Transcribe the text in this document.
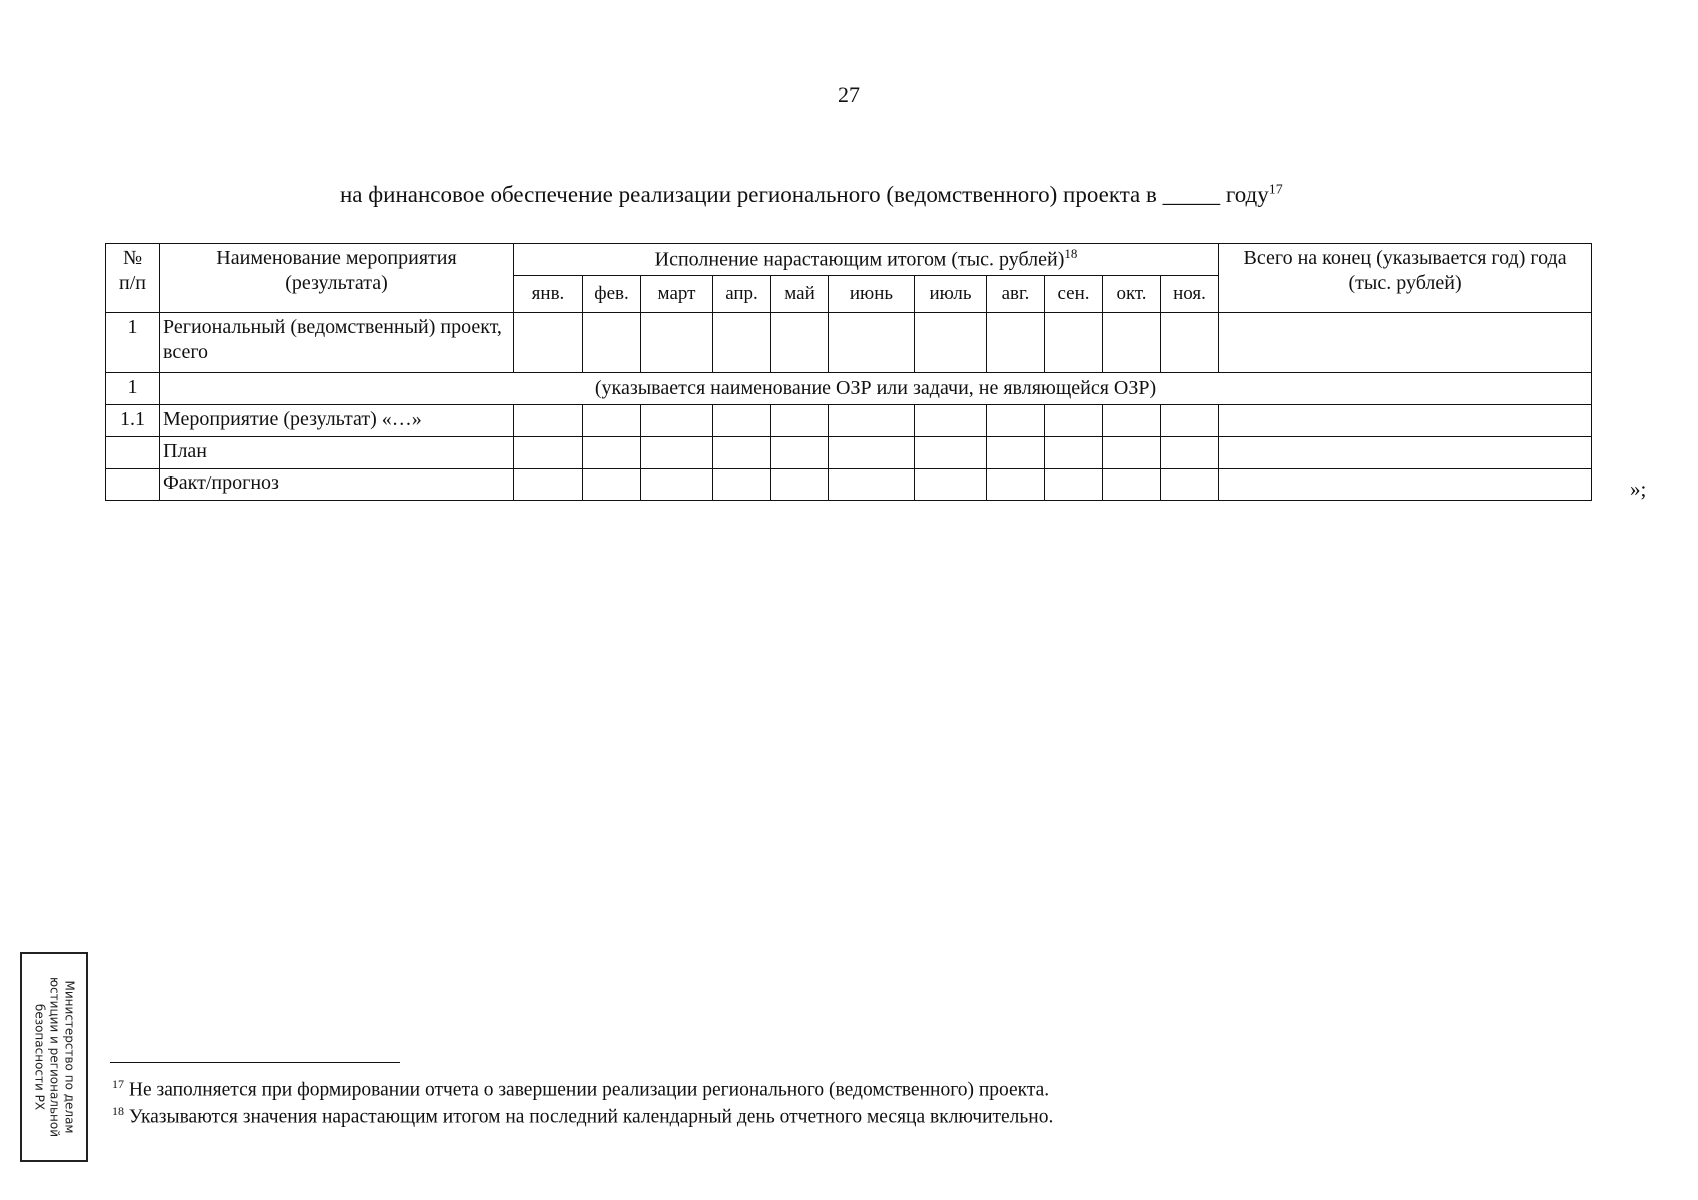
27
на финансовое обеспечение реализации регионального (ведомственного) проекта в _____ году$^{17}$
№
п/п	Наименование мероприятия (результата)	Исполнение нарастающим итогом (тыс. рублей)$^{18}$											Всего на конец (указывается год) года (тыс. рублей)
		янв.	фев.	март	апр.	май	июнь	июль	авг.	сен.	окт.	ноя.	
1	Региональный (ведомственный) проект, всего												
1	(указывается наименование ОЗР или задачи, не являющейся ОЗР)												
1.1	Мероприятие (результат) «…»												
	План												
	Факт/прогноз													»;
Министерство по делам
юстиции и региональной
безопасности РХ	$^{17}$ Не заполняется при формировании отчета о завершении реализации регионального (ведомственного) проекта.
$^{18}$ Указываются значения нарастающим итогом на последний календарный день отчетного месяца включительно.
